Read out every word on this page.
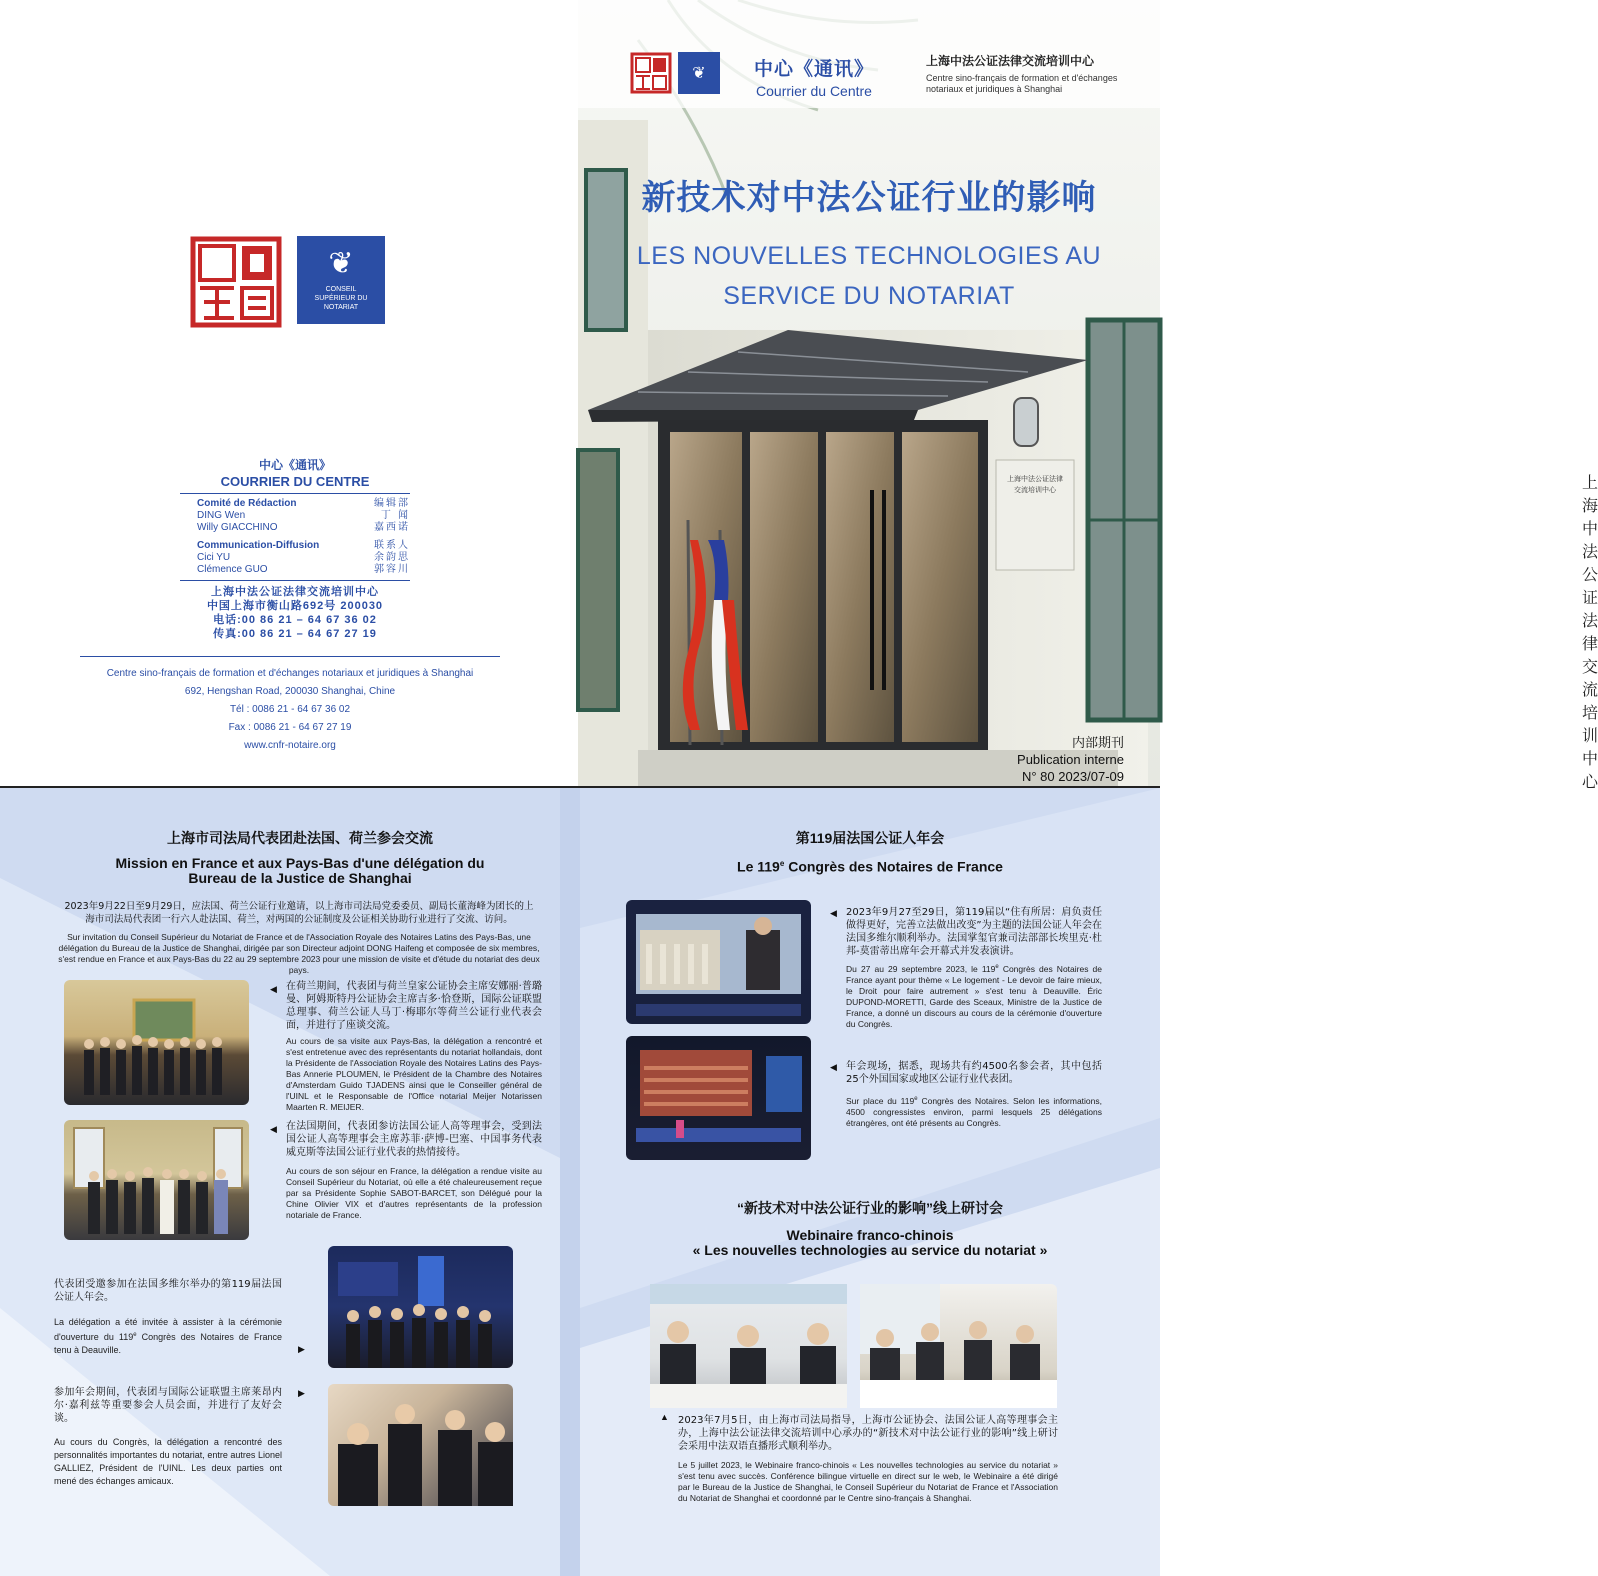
❦
CONSEIL SUPÉRIEUR DU NOTARIAT
中心《通讯》
COURRIER DU CENTRE
Comité de Rédaction	编辑部
DING Wen	丁 闻
Willy GIACCHINO	嘉西诺
Communication-Diffusion	联系人
Cici YU	余韵思
Clémence GUO	郭容川
上海中法公证法律交流培训中心
中国上海市衡山路692号 200030
电话:00 86 21 – 64 67 36 02
传真:00 86 21 – 64 67 27 19
Centre sino-français de formation et d'échanges notariaux et juridiques à Shanghai
692, Hengshan Road, 200030 Shanghai, Chine
Tél : 0086 21 - 64 67 36 02
Fax : 0086 21 - 64 67 27 19
www.cnfr-notaire.org
❦	中心《通讯》
Courrier du Centre
上海中法公证法律交流培训中心
Centre sino-français de formation et d'échanges notariaux et juridiques à Shanghai
新技术对中法公证行业的影响
LES NOUVELLES TECHNOLOGIES AU
SERVICE DU NOTARIAT
上海中法公证法律交流培训中心
上海中法公证法律交流培训中心
内部期刊
Publication interne
N° 80 2023/07-09
上海市司法局代表团赴法国、荷兰参会交流
Mission en France et aux Pays-Bas d'une délégation du
Bureau de la Justice de Shanghai
2023年9月22日至9月29日，应法国、荷兰公证行业邀请，以上海市司法局党委委员、副局长董海峰为团长的上海市司法局代表团一行六人赴法国、荷兰，对两国的公证制度及公证相关协助行业进行了交流、访问。
Sur invitation du Conseil Supérieur du Notariat de France et de l'Association Royale des Notaires Latins des Pays-Bas, une délégation du Bureau de la Justice de Shanghai, dirigée par son Directeur adjoint DONG Haifeng et composée de six membres, s'est rendue en France et aux Pays-Bas du 22 au 29 septembre 2023 pour une mission de visite et d'étude du notariat des deux pays.
◀ 在荷兰期间，代表团与荷兰皇家公证协会主席安娜丽·普璐曼、阿姆斯特丹公证协会主席吉多·恰登斯，国际公证联盟总理事、荷兰公证人马丁·梅耶尔等荷兰公证行业代表会面，并进行了座谈交流。
Au cours de sa visite aux Pays-Bas, la délégation a rencontré et s'est entretenue avec des représentants du notariat hollandais, dont la Présidente de l'Association Royale des Notaires Latins des Pays-Bas Annerie PLOUMEN, le Président de la Chambre des Notaires d'Amsterdam Guido TJADENS ainsi que le Conseiller général de l'UINL et le Responsable de l'Office notarial Meijer Notarissen Maarten R. MEIJER.
◀ 在法国期间，代表团参访法国公证人高等理事会，受到法国公证人高等理事会主席苏菲·萨博-巴塞、中国事务代表威克斯等法国公证行业代表的热情接待。
Au cours de son séjour en France, la délégation a rendue visite au Conseil Supérieur du Notariat, où elle a été chaleureusement reçue par sa Présidente Sophie SABOT-BARCET, son Délégué pour la Chine Olivier VIX et d'autres représentants de la profession notariale de France.
代表团受邀参加在法国多维尔举办的第119届法国公证人年会。
La délégation a été invitée à assister à la cérémonie d'ouverture du 119e Congrès des Notaires de France tenu à Deauville.	▶
参加年会期间，代表团与国际公证联盟主席莱昂内尔·嘉利兹等重要参会人员会面，并进行了友好会谈。
Au cours du Congrès, la délégation a rencontré des personnalités importantes du notariat, entre autres Lionel GALLIEZ, Président de l'UINL. Les deux parties ont mené des échanges amicaux.
▶
第119届法国公证人年会
Le 119e Congrès des Notaires de France
◀ 2023年9月27至29日，第119届以“住有所居：肩负责任做得更好，完善立法做出改变”为主题的法国公证人年会在法国多维尔顺利举办。法国掌玺官兼司法部部长埃里克·杜邦-莫雷蒂出席年会开幕式并发表演讲。
Du 27 au 29 septembre 2023, le 119e Congrès des Notaires de France ayant pour thème « Le logement - Le devoir de faire mieux, le Droit pour faire autrement » s'est tenu à Deauville. Éric DUPOND-MORETTI, Garde des Sceaux, Ministre de la Justice de France, a donné un discours au cours de la cérémonie d'ouverture du Congrès.
◀ 年会现场，据悉，现场共有约4500名参会者，其中包括25个外国国家或地区公证行业代表团。
Sur place du 119e Congrès des Notaires. Selon les informations, 4500 congressistes environ, parmi lesquels 25 délégations étrangères, ont été présents au Congrès.
“新技术对中法公证行业的影响”线上研讨会
Webinaire franco-chinois
« Les nouvelles technologies au service du notariat »
▲ 2023年7月5日，由上海市司法局指导，上海市公证协会、法国公证人高等理事会主办，上海中法公证法律交流培训中心承办的“新技术对中法公证行业的影响”线上研讨会采用中法双语直播形式顺利举办。
Le 5 juillet 2023, le Webinaire franco-chinois « Les nouvelles technologies au service du notariat » s'est tenu avec succès. Conférence bilingue virtuelle en direct sur le web, le Webinaire a été dirigé par le Bureau de la Justice de Shanghai, le Conseil Supérieur du Notariat de France et l'Association du Notariat de Shanghai et coordonné par le Centre sino-français à Shanghai.
